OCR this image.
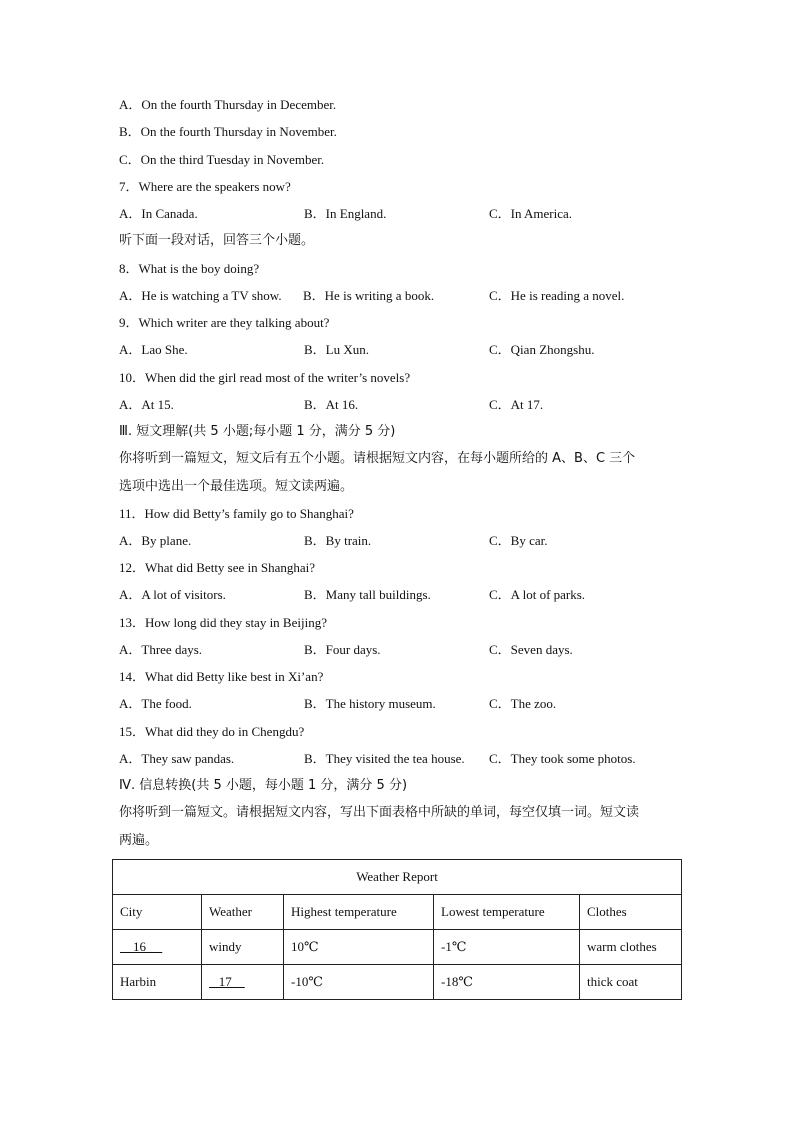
A．On the fourth Thursday in December.
B．On the fourth Thursday in November.
C．On the third Tuesday in November.
7．Where are the speakers now?
A．In Canada.	B．In England.	C．In America.
听下面一段对话，回答三个小题。
8．What is the boy doing?
A．He is watching a TV show. B．He is writing a book.	C．He is reading a novel.
9．Which writer are they talking about?
A．Lao She.	B．Lu Xun.	C．Qian Zhongshu.
10．When did the girl read most of the writer’s novels?
A．At 15.	B．At 16.	C．At 17.
Ⅲ. 短文理解(共 5 小题;每小题 1 分，满分 5 分)
你将听到一篇短文，短文后有五个小题。请根据短文内容，在每小题所给的 A、B、C 三个
选项中选出一个最佳选项。短文读两遍。
11．How did Betty’s family go to Shanghai?
A．By plane.	B．By train.	C．By car.
12．What did Betty see in Shanghai?
A．A lot of visitors.	B．Many tall buildings.	C．A lot of parks.
13．How long did they stay in Beijing?
A．Three days.	B．Four days.	C．Seven days.
14．What did Betty like best in Xi’an?
A．The food.	B．The history museum.	C．The zoo.
15．What did they do in Chengdu?
A．They saw pandas.	B．They visited the tea house. C．They took some photos.
Ⅳ. 信息转换(共 5 小题，每小题 1 分，满分 5 分)
你将听到一篇短文。请根据短文内容，写出下面表格中所缺的单词，每空仅填一词。短文读
两遍。
Weather Report				
City	Weather	Highest temperature	Lowest temperature	Clothes
16	windy	10℃	-1℃	warm clothes
Harbin	17	-10℃	-18℃	thick coat
